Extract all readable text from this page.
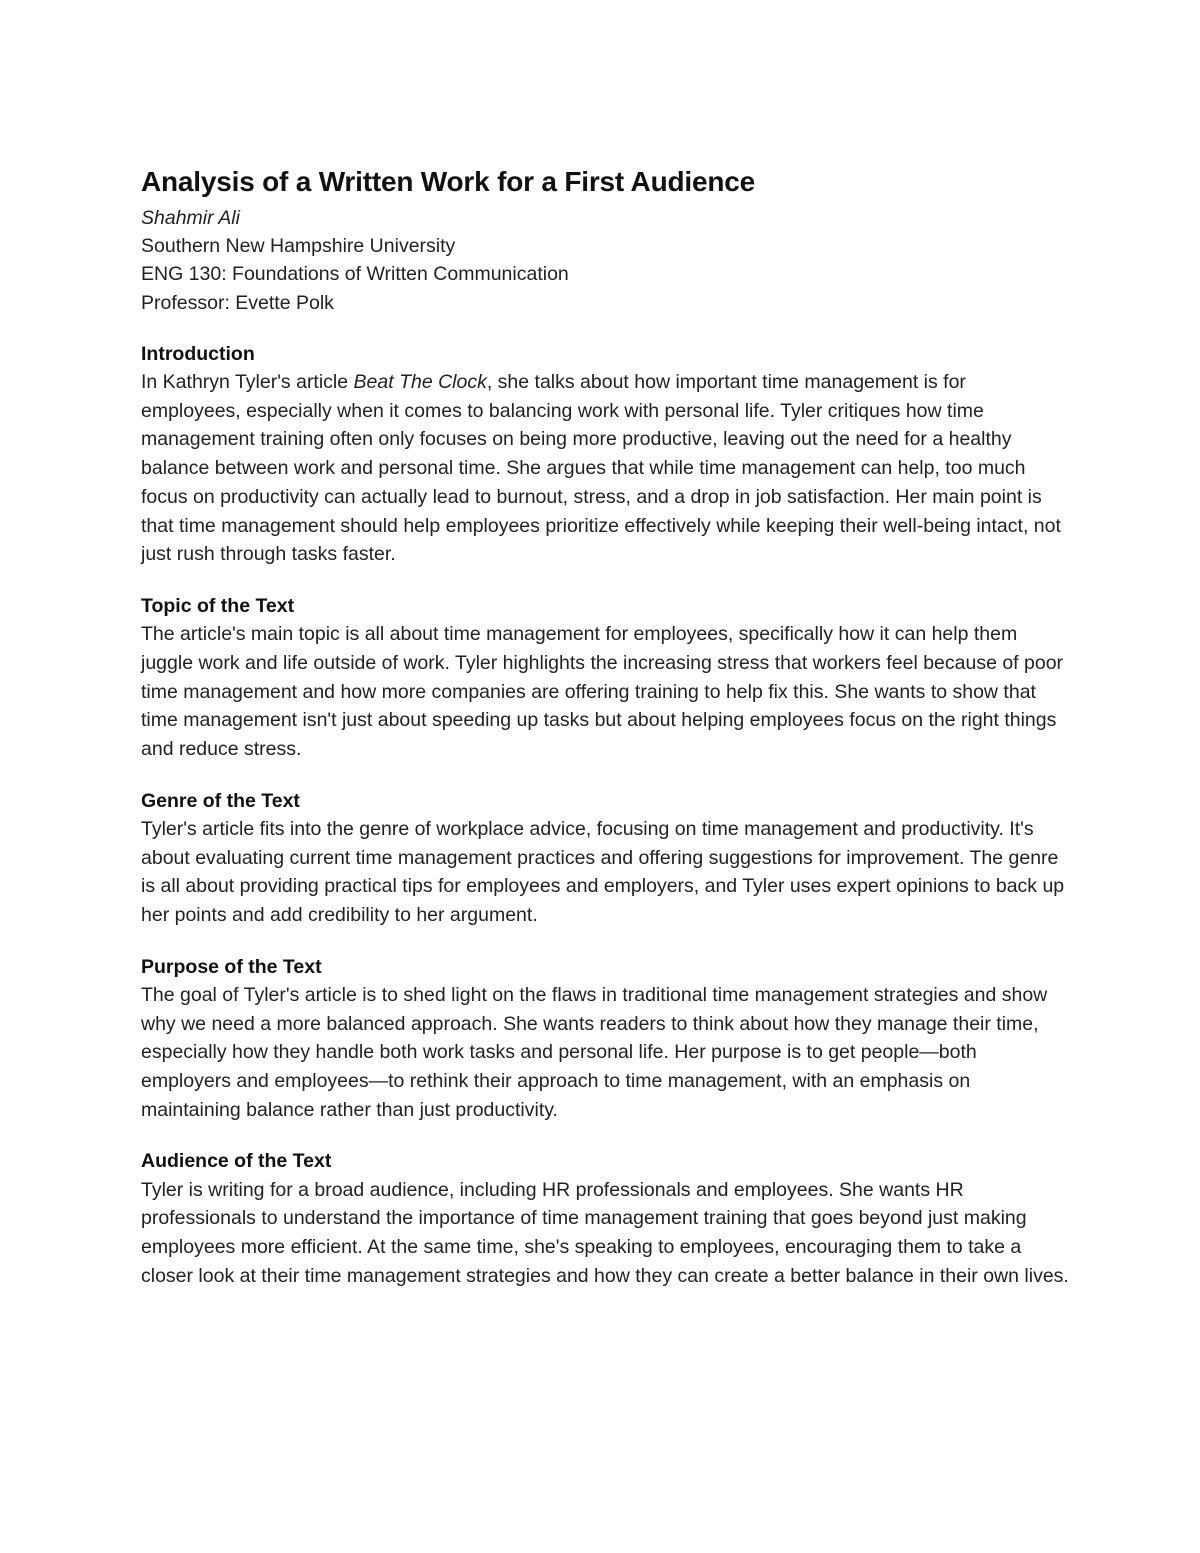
Analysis of a Written Work for a First Audience
Shahmir Ali
Southern New Hampshire University
ENG 130: Foundations of Written Communication
Professor: Evette Polk
Introduction

In Kathryn Tyler's article Beat The Clock, she talks about how important time management is for employees, especially when it comes to balancing work with personal life. Tyler critiques how time management training often only focuses on being more productive, leaving out the need for a healthy balance between work and personal time. She argues that while time management can help, too much focus on productivity can actually lead to burnout, stress, and a drop in job satisfaction. Her main point is that time management should help employees prioritize effectively while keeping their well-being intact, not just rush through tasks faster.

Topic of the Text

The article's main topic is all about time management for employees, specifically how it can help them juggle work and life outside of work. Tyler highlights the increasing stress that workers feel because of poor time management and how more companies are offering training to help fix this. She wants to show that time management isn't just about speeding up tasks but about helping employees focus on the right things and reduce stress.

Genre of the Text

Tyler's article fits into the genre of workplace advice, focusing on time management and productivity. It's about evaluating current time management practices and offering suggestions for improvement. The genre is all about providing practical tips for employees and employers, and Tyler uses expert opinions to back up her points and add credibility to her argument.

Purpose of the Text

The goal of Tyler's article is to shed light on the flaws in traditional time management strategies and show why we need a more balanced approach. She wants readers to think about how they manage their time, especially how they handle both work tasks and personal life. Her purpose is to get people—both employers and employees—to rethink their approach to time management, with an emphasis on maintaining balance rather than just productivity.

Audience of the Text

Tyler is writing for a broad audience, including HR professionals and employees. She wants HR professionals to understand the importance of time management training that goes beyond just making employees more efficient. At the same time, she's speaking to employees, encouraging them to take a closer look at their time management strategies and how they can create a better balance in their own lives.
